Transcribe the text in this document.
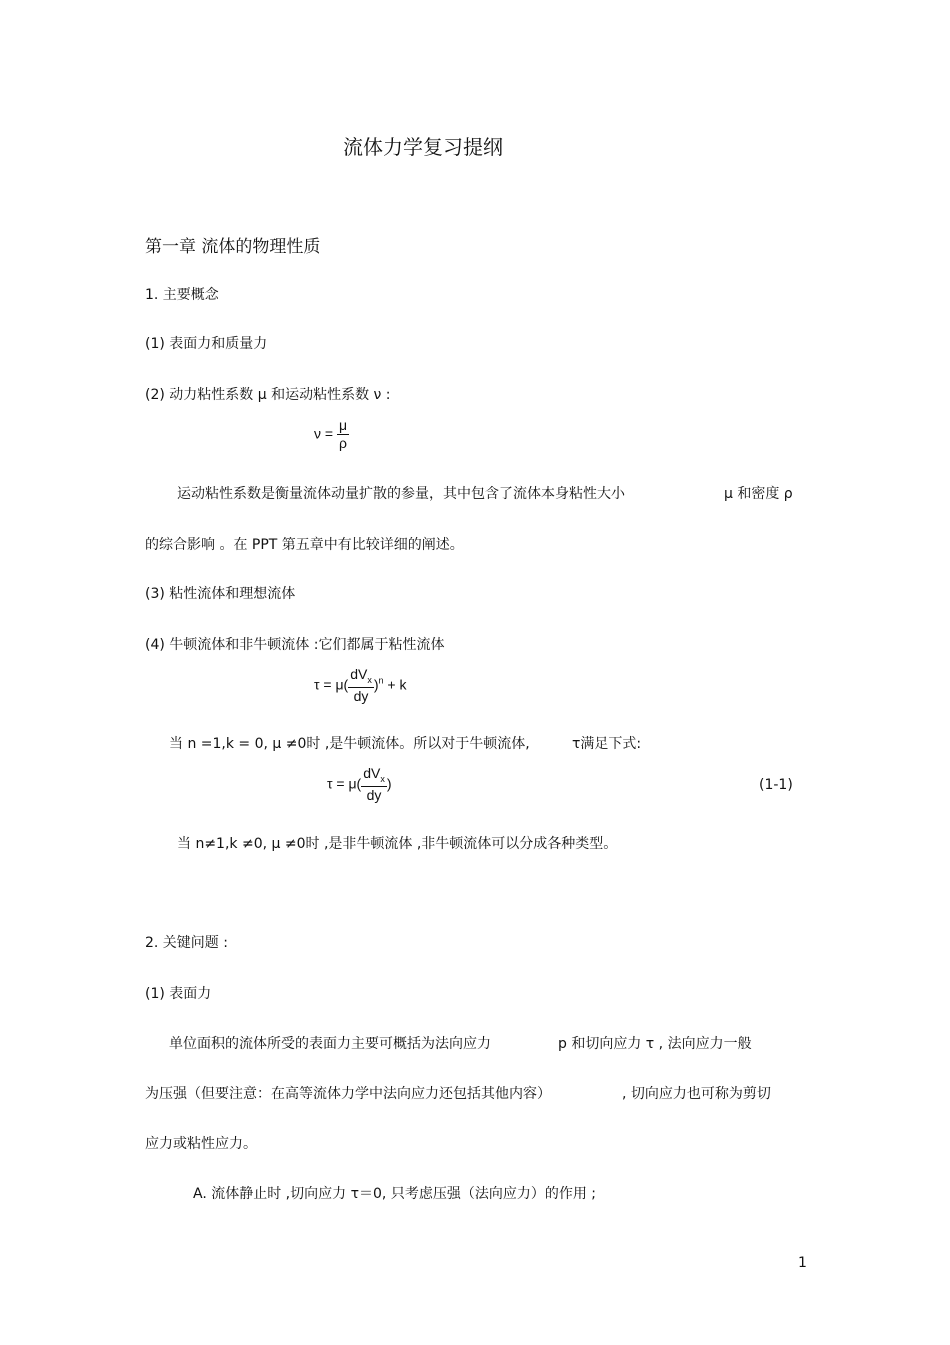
流体力学复习提纲
第一章 流体的物理性质
1. 主要概念
(1) 表面力和质量力
(2) 动力粘性系数 μ 和运动粘性系数 ν :
$\nu = \frac{\mu}{\rho}$
运动粘性系数是衡量流体动量扩散的参量，其中包含了流体本身粘性大小	μ 和密度 ρ
的综合影响 。在 PPT 第五章中有比较详细的阐述。
(3) 粘性流体和理想流体
(4) 牛顿流体和非牛顿流体 :它们都属于粘性流体
$\tau = \mu( \frac{dV_x}{dy} )^n + k$
当 n =1,k = 0, μ ≠0时 ,是牛顿流体。所以对于牛顿流体,	τ满足下式:
$\tau = \mu( \frac{dV_x}{dy}$ )	(1-1)
当 n≠1,k ≠0, μ ≠0时 ,是非牛顿流体 ,非牛顿流体可以分成各种类型。
2. 关键问题 :
(1) 表面力
单位面积的流体所受的表面力主要可概括为法向应力	p 和切向应力 τ , 法向应力一般
为压强（但要注意：在高等流体力学中法向应力还包括其他内容）	, 切向应力也可称为剪切
应力或粘性应力。
A. 流体静止时 ,切向应力 τ＝0, 只考虑压强（法向应力）的作用 ;
1
